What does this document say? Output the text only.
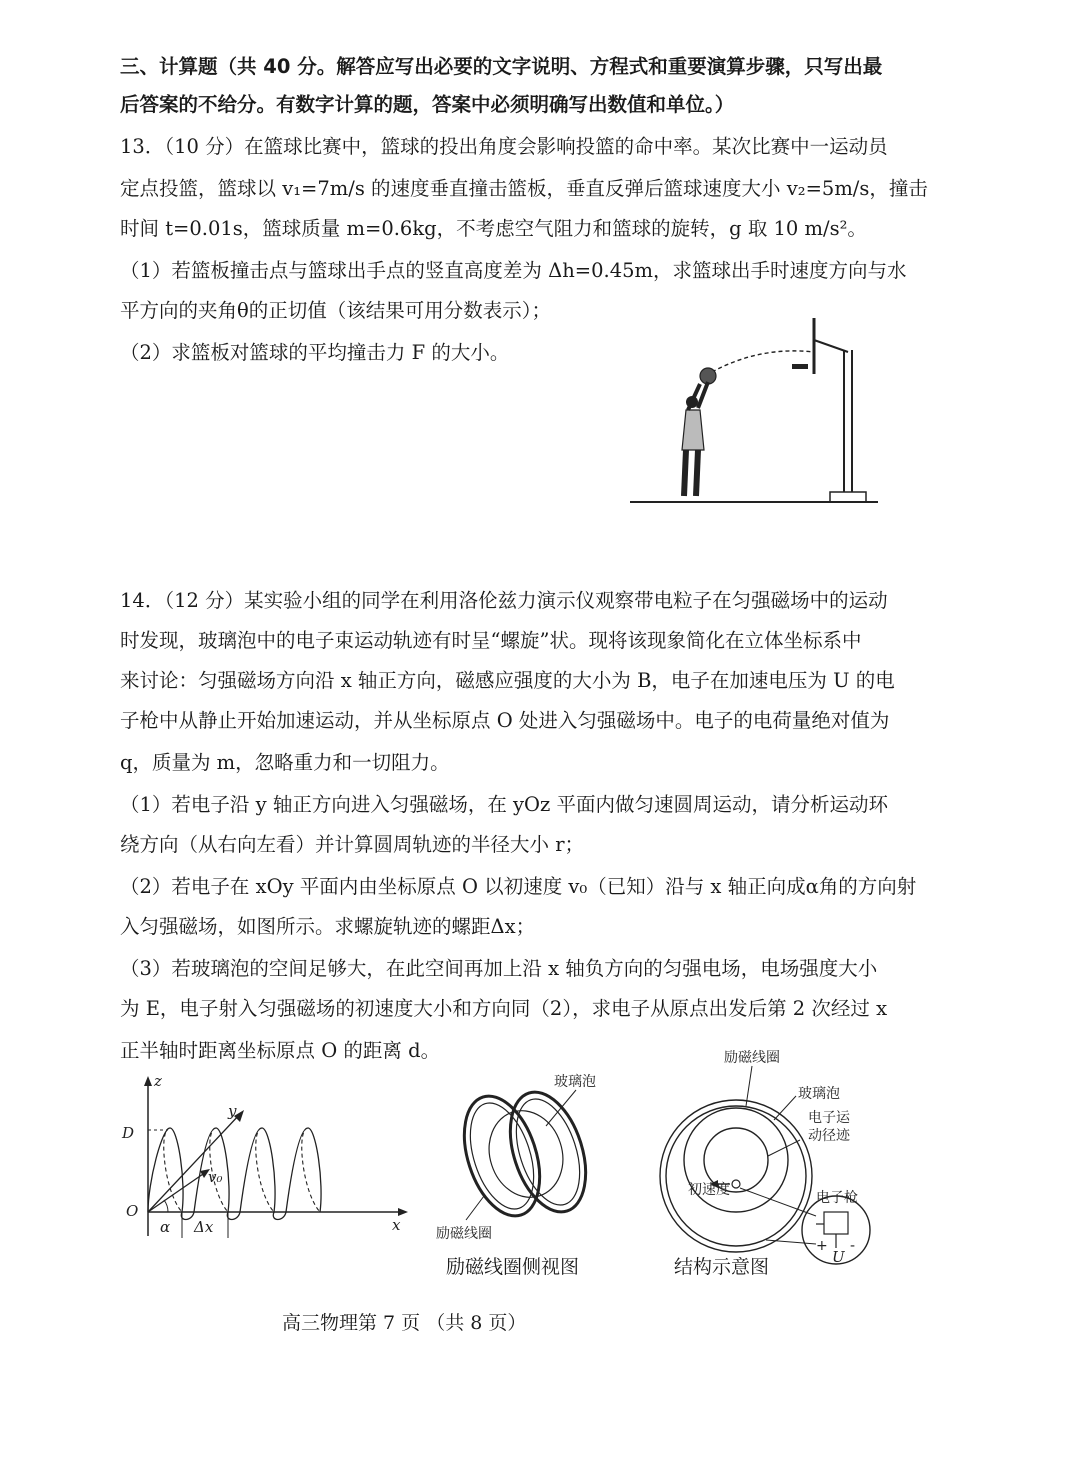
三、计算题（共 40 分。解答应写出必要的文字说明、方程式和重要演算步骤，只写出最
后答案的不给分。有数字计算的题，答案中必须明确写出数值和单位。）
13．（10 分）在篮球比赛中，篮球的投出角度会影响投篮的命中率。某次比赛中一运动员
定点投篮，篮球以 v₁=7m/s 的速度垂直撞击篮板，垂直反弹后篮球速度大小 v₂=5m/s，撞击
时间 t=0.01s，篮球质量 m=0.6kg，不考虑空气阻力和篮球的旋转，g 取 10 m/s²。
（1）若篮板撞击点与篮球出手点的竖直高度差为 Δh=0.45m，求篮球出手时速度方向与水
平方向的夹角θ的正切值（该结果可用分数表示）；
（2）求篮板对篮球的平均撞击力 F 的大小。
14．（12 分）某实验小组的同学在利用洛伦兹力演示仪观察带电粒子在匀强磁场中的运动
时发现，玻璃泡中的电子束运动轨迹有时呈“螺旋”状。现将该现象简化在立体坐标系中
来讨论：匀强磁场方向沿 x 轴正方向，磁感应强度的大小为 B，电子在加速电压为 U 的电
子枪中从静止开始加速运动，并从坐标原点 O 处进入匀强磁场中。电子的电荷量绝对值为
q，质量为 m，忽略重力和一切阻力。
（1）若电子沿 y 轴正方向进入匀强磁场，在 yOz 平面内做匀速圆周运动，请分析运动环
绕方向（从右向左看）并计算圆周轨迹的半径大小 r；
（2）若电子在 xOy 平面内由坐标原点 O 以初速度 v₀（已知）沿与 x 轴正向成α角的方向射
入匀强磁场，如图所示。求螺旋轨迹的螺距Δx；
（3）若玻璃泡的空间足够大，在此空间再加上沿 x 轴负方向的匀强电场，电场强度大小
为 E，电子射入匀强磁场的初速度大小和方向同（2），求电子从原点出发后第 2 次经过 x
正半轴时距离坐标原点 O 的距离 d。
z
y
x
D
O
v₀
α Δx
玻璃泡
励磁线圈
励磁线圈侧视图
励磁线圈
玻璃泡
电子运
动径迹
初速度	电子枪
+ -
U
结构示意图
高三物理第 7 页 （共 8 页）
